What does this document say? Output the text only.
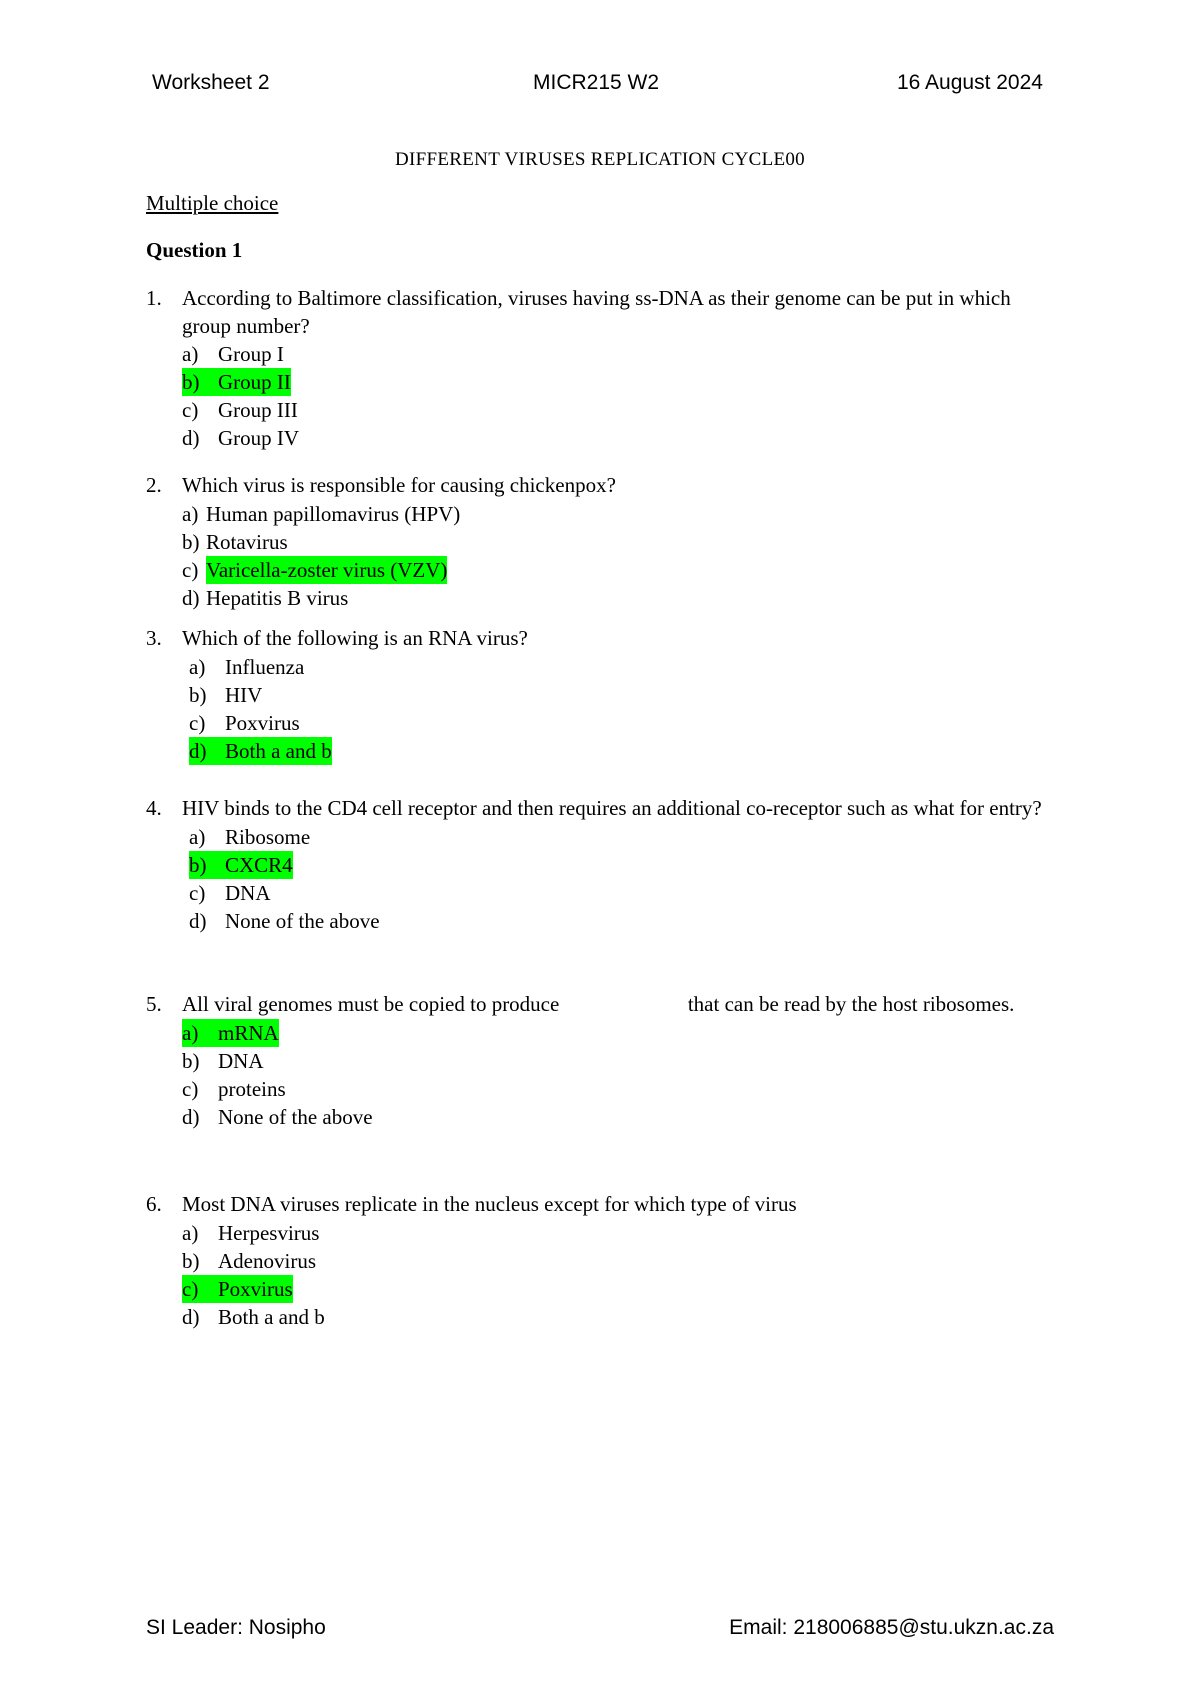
Worksheet 2	MICR215 W2	16 August 2024
DIFFERENT VIRUSES REPLICATION CYCLE00
Multiple choice
Question 1
1. According to Baltimore classification, viruses having ss-DNA as their genome can be put in which group number?
a) Group I
b) Group II
c) Group III
d) Group IV
2. Which virus is responsible for causing chickenpox?
a) Human papillomavirus (HPV)
b) Rotavirus
c) Varicella-zoster virus (VZV)
d) Hepatitis B virus
3. Which of the following is an RNA virus?
a) Influenza
b) HIV
c) Poxvirus
d) Both a and b
4. HIV binds to the CD4 cell receptor and then requires an additional co-receptor such as what for entry?
a) Ribosome
b) CXCR4
c) DNA
d) None of the above
5. All viral genomes must be copied to produce	that can be read by the host ribosomes.
a) mRNA
b) DNA
c) proteins
d) None of the above
6. Most DNA viruses replicate in the nucleus except for which type of virus
a) Herpesvirus
b) Adenovirus
c) Poxvirus
d) Both a and b
SI Leader: Nosipho	Email: 218006885@stu.ukzn.ac.za
